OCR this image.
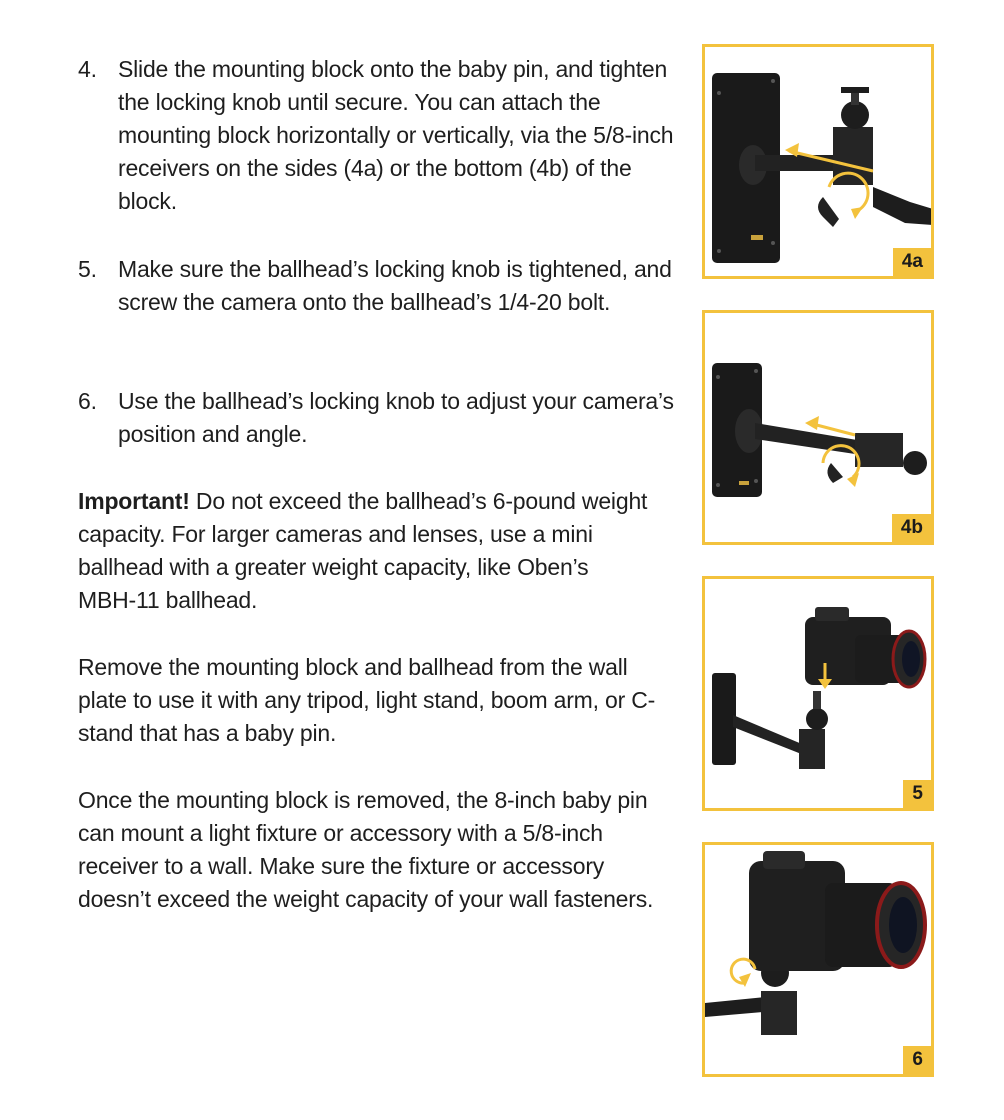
4. Slide the mounting block onto the baby pin, and tighten the locking knob until secure. You can attach the mounting block horizontally or vertically, via the 5/8-inch receivers on the sides (4a) or the bottom (4b) of the block.
5. Make sure the ballhead’s locking knob is tightened, and screw the camera onto the ballhead’s 1/4-20 bolt.
6. Use the ballhead’s locking knob to adjust your camera’s position and angle.
Important! Do not exceed the ballhead’s 6-pound weight capacity. For larger cameras and lenses, use a mini ballhead with a greater weight capacity, like Oben’s MBH-11 ballhead.
Remove the mounting block and ballhead from the wall plate to use it with any tripod, light stand, boom arm, or C-stand that has a baby pin.
Once the mounting block is removed, the 8-inch baby pin can mount a light fixture or accessory with a 5/8-inch receiver to a wall. Make sure the fixture or accessory doesn’t exceed the weight capacity of your wall fasteners.
4a
4b
5
6
